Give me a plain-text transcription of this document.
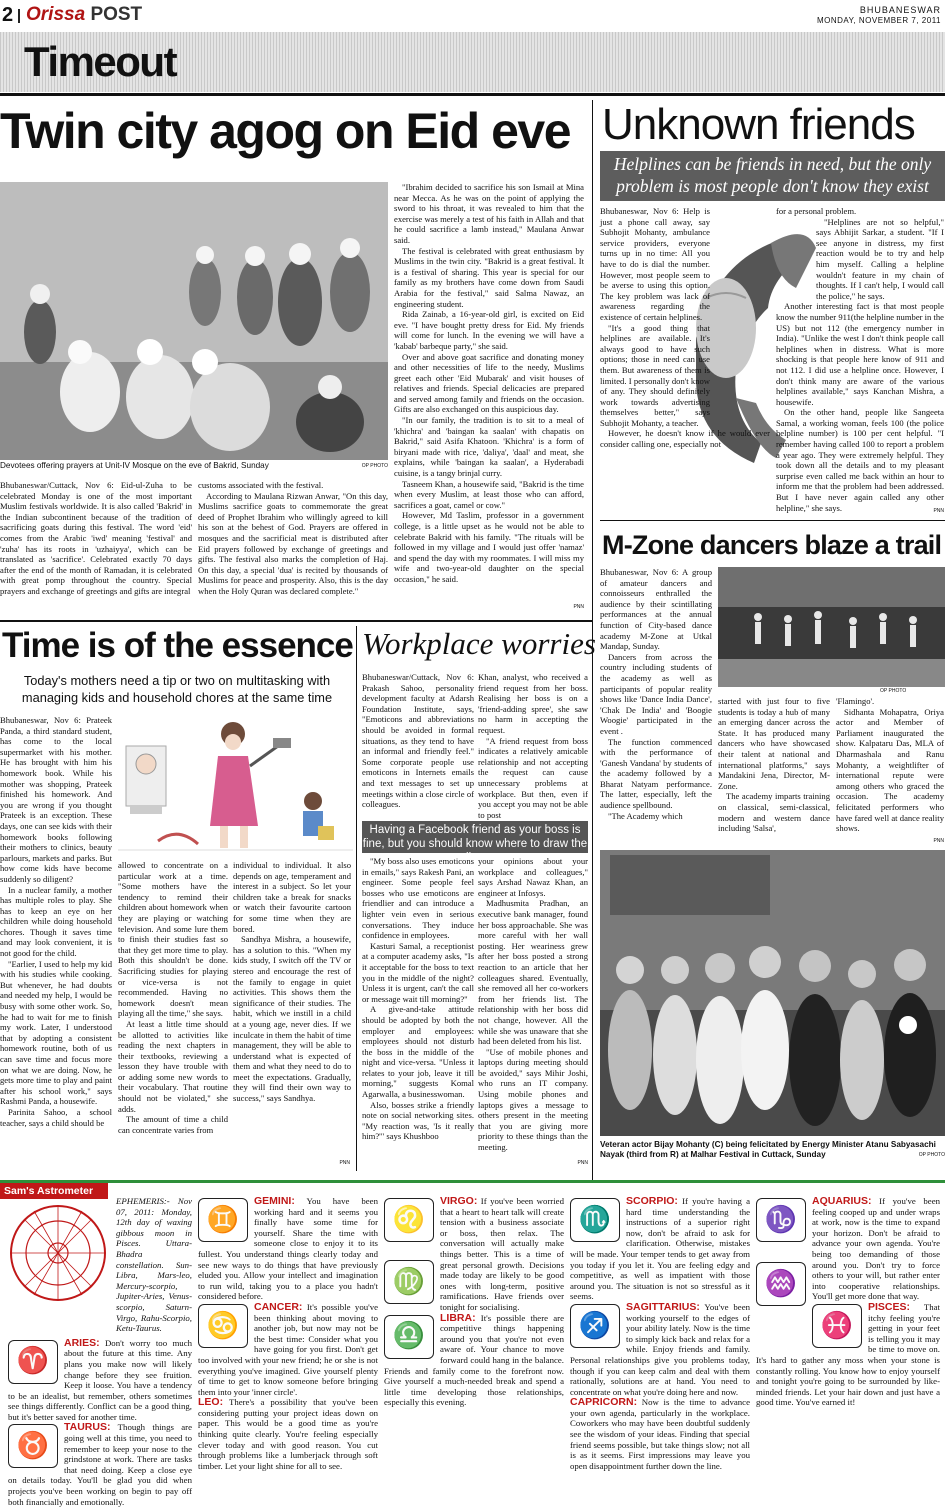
2 Orissa POST	BHUBANESWAR
MONDAY, NOVEMBER 7, 2011
Timeout
Twin city agog on Eid eve
Devotees offering prayers at Unit-IV Mosque on the eve of Bakrid, Sunday	OP PHOTO

Bhubaneswar/Cuttack, Nov 6: Eid-ul-Zuha to be celebrated Monday is one of the most important Muslim festivals worldwide. It is also called 'Bakrid' in the Indian subcontinent because of the tradition of sacrificing goats during this festival. The word 'eid' comes from the Arabic 'iwd' meaning 'festival' and 'zuha' has its roots in 'uzhaiyya', which can be translated as 'sacrifice'. Celebrated exactly 70 days after the end of the month of Ramadan, it is celebrated with great pomp throughout the country. Special prayers and exchange of greetings and gifts are integral

customs associated with the festival.

According to Maulana Rizwan Anwar, "On this day, Muslims sacrifice goats to commemorate the great deed of Prophet Ibrahim who willingly agreed to kill his son at the behest of God. Prayers are offered in mosques and the sacrificial meat is distributed after Eid prayers followed by exchange of greetings and gifts. The festival also marks the completion of Haj. On this day, a special 'dua' is recited by thousands of Muslims for peace and prosperity. Also, this is the day when the Holy Quran was declared complete."

"Ibrahim decided to sacrifice his son Ismail at Mina near Mecca. As he was on the point of applying the sword to his throat, it was revealed to him that the exercise was merely a test of his faith in Allah and that he could sacrifice a lamb instead," Maulana Anwar said.

The festival is celebrated with great enthusiasm by Muslims in the twin city. "Bakrid is a great festival. It is a festival of sharing. This year is special for our family as my brothers have come down from Saudi Arabia for the festival," said Salma Nawaz, an engineering student.

Rida Zainab, a 16-year-old girl, is excited on Eid eve. "I have bought pretty dress for Eid. My friends will come for lunch. In the evening we will have a 'kabab' barbeque party," she said.

Over and above goat sacrifice and donating money and other necessities of life to the needy, Muslims greet each other 'Eid Mubarak' and visit houses of relatives and friends. Special delicacies are prepared and served among family and friends on the occasion. Gifts are also exchanged on this auspicious day.

"In our family, the tradition is to sit to a meal of 'khichra' and 'baingan ka saalan' with chapatis on Bakrid," said Asifa Khatoon. 'Khichra' is a form of biryani made with rice, 'daliya', 'daal' and meat, she explains, while 'baingan ka saalan', a Hyderabadi cuisine, is a tangy brinjal curry.

Tasneem Khan, a housewife said, "Bakrid is the time when every Muslim, at least those who can afford, sacrifices a goat, camel or cow."

However, Md Taslim, professor in a government college, is a little upset as he would not be able to celebrate Bakrid with his family. "The rituals will be followed in my village and I would just offer 'namaz' and spend the day with my roommates. I will miss my wife and two-year-old daughter on the special occasion," he said.

PNN
Unknown friends
Helplines can be friends in need, but the only problem is most people don't know they exist

Bhubaneswar, Nov 6: Help is just a phone call away, say Subhojit Mohanty, ambulance service providers, everyone turns up in no time: All you have to do is dial the number. However, most people seem to be averse to using this option. The key problem was lack of awareness regarding the existence of certain helplines.

"It's a good thing that helplines are available. It's always good to have such options; those in need can use them. But awareness of them is limited. I personally don't know of any. They should definitely work towards advertising themselves better," says Subhojit Mohanty, a teacher.

However, he doesn't know if he would ever consider calling one, especially not

for a personal problem.

"Helplines are not so helpful," says Abhijit Sarkar, a student. "If I see anyone in distress, my first reaction would be to try and help him myself. Calling a helpline wouldn't feature in my chain of thoughts. If I can't help, I would call the police," he says.

Another interesting fact is that most people know the number 911(the helpline number in the US) but not 112 (the emergency number in India). "Unlike the west I don't think people call helplines when in distress. What is more shocking is that people here know of 911 and not 112. I did use a helpline once. However, I don't think many are aware of the various helplines available," says Kanchan Mishra, a housewife.

On the other hand, people like Sangeeta Samal, a working woman, feels 100 (the police helpline number) is 100 per cent helpful. "I remember having called 100 to report a problem a year ago. They were extremely helpful. They took down all the details and to my pleasant surprise even called me back within an hour to inform me that the problem had been addressed. But I have never again called any other helpline," she says.	PNN
M-Zone dancers blaze a trail

Bhubaneswar, Nov 6: A group of amateur dancers and connoisseurs enthralled the audience by their scintillating performances at the annual function of City-based dance academy M-Zone at Utkal Mandap, Sunday.

Dancers from across the country including students of the academy as well as participants of popular reality shows like 'Dance India Dance', 'Chak De India' and 'Boogie Woogie' participated in the event .

The function commenced with the performance of 'Ganesh Vandana' by students of the academy followed by a Bharat Natyam performance. The latter, especially, left the audience spellbound.

"The Academy which

OP PHOTO

started with just four to five students is today a hub of many an emerging dancer across the State. It has produced many dancers who have showcased their talent at national and international platforms," says Mandakini Jena, Director, M-Zone.

The academy imparts training on classical, semi-classical, modern and western dance including 'Salsa',

'Flamingo'.

Sidhanta Mohapatra, Oriya actor and Member of Parliament inaugurated the show. Kalpataru Das, MLA of Dharmashala and Ranu Mohanty, a weightlifter of international repute were among others who graced the occasion. The academy felicitated performers who have fared well at dance reality shows.

PNN
Veteran actor Bijay Mohanty (C) being felicitated by Energy Minister Atanu Sabyasachi Nayak (third from R) at Malhar Festival in Cuttack, Sunday	OP PHOTO
Time is of the essence
Today's mothers need a tip or two on multitasking with managing kids and household chores at the same time

Bhubaneswar, Nov 6: Prateek Panda, a third standard student, has come to the local supermarket with his mother. He has brought with him his homework book. While his mother was shopping, Prateek finished his homework. And you are wrong if you thought Prateek is an exception. These days, one can see kids with their homework books following their mothers to clinics, beauty parlours, markets and parks. But how come kids have become suddenly so diligent?

In a nuclear family, a mother has multiple roles to play. She has to keep an eye on her children while doing household chores. Though it saves time and may look convenient, it is not good for the child.

"Earlier, I used to help my kid with his studies while cooking. But whenever, he had doubts and needed my help, I would be busy with some other work. So, he had to wait for me to finish my work. Later, I understood that by adopting a consistent homework routine, both of us can save time and focus more on what we are doing. Now, he gets more time to play and paint after his school work," says Rashmi Panda, a housewife.

Parinita Sahoo, a school teacher, says a child should be

allowed to concentrate on a particular work at a time. "Some mothers have the tendency to remind their children about homework when they are playing or watching television. And some lure them to finish their studies fast so that they get more time to play. Both this shouldn't be done. Sacrificing studies for playing or vice-versa is not recommended. Having no homework doesn't mean playing all the time," she says.

At least a little time should be allotted to activities like reading the next chapters in their textbooks, reviewing a lesson they have trouble with or adding some new words to their vocabulary. That routine should not be violated," she adds.

The amount of time a child can concentrate varies from

individual to individual. It also depends on age, temperament and interest in a subject. So let your children take a break for snacks or watch their favourite cartoon for some time when they are bored.

Sandhya Mishra, a housewife, has a solution to this. "When my kids study, I switch off the TV or stereo and encourage the rest of the family to engage in quiet activities. This shows them the significance of their studies. The habit, which we instill in a child at a young age, never dies. If we inculcate in them the habit of time management, they will be able to understand what is expected of them and what they need to do to meet the expectations. Gradually, they will find their own way to success," says Sandhya.

PNN
Workplace worries

Bhubaneswar/Cuttack, Nov 6: Prakash Sahoo, personality development faculty at Adarsh Foundation Institute, says, "Emoticons and abbreviations should be avoided in formal situations, as they tend to have an informal and friendly feel." Some corporate people use emoticons in Internets emails and text messages to set up meetings within a close circle of colleagues.

Khan, analyst, who received a friend request from her boss. Realising her boss is on a 'friend-adding spree', she saw no harm in accepting the request.

"A friend request from boss indicates a relatively amicable relationship and not accepting the request can cause unnecessary problems at workplace. But then, even if you accept you may not be able to post

Having a Facebook friend as your boss is fine, but you should know where to draw the line

"My boss also uses emoticons in emails," says Rakesh Pani, an engineer. Some people feel bosses who use emoticons are friendlier and can introduce a lighter vein even in serious conversations. They induce confidence in employees.

Kasturi Samal, a receptionist at a computer academy asks, "Is it acceptable for the boss to text you in the middle of the night? Unless it is urgent, can't the call or message wait till morning?"

A give-and-take attitude should be adopted by both the employer and employees: employees should not disturb the boss in the middle of the night and vice-versa. "Unless it relates to your job, leave it till morning," suggests Komal Agarwalla, a businesswoman.

Also, bosses strike a friendly note on social networking sites. "My reaction was, 'Is it really him?'" says Khushboo

your opinions about your workplace and colleagues," says Arshad Nawaz Khan, an engineer at Infosys.

Madhusmita Pradhan, an executive bank manager, found her boss approachable. She was more careful with her wall posting. Her weariness grew after her boss posted a strong reaction to an article that her colleagues shared. Eventually, she removed all her co-workers from her friends list. The relationship with her boss did not change, however. All the while she was unaware that she had been deleted from his list.

"Use of mobile phones and laptops during meeting should be avoided," says Mihir Joshi, who runs an IT company. Using mobile phones and laptops gives a message to others present in the meeting that you are giving more priority to these things than the meeting.

PNN
Sam's Astrometer

EPHEMERIS:- Nov 07, 2011: Monday, 12th day of waxing gibbous moon in Pisces. Uttara-Bhadra constellation. Sun-Libra, Mars-leo, Mercury-scorpio, Jupiter-Aries, Venus-scorpio, Saturn-Virgo, Rahu-Scorpio, Ketu-Taurus.

♈

ARIES: Don't worry too much about the future at this time. Any plans you make now will likely change before they see fruition. Keep it loose. You have a tendency to be an idealist, but remember, others sometimes see things differently. Conflict can be a good thing, but it's better saved for another time.

♉

TAURUS: Though things are going well at this time, you need to remember to keep your nose to the grindstone at work. There are tasks that need doing. Keep a close eye on details today. You'll be glad you did when projects you've been working on begin to pay off both financially and emotionally.

♊

GEMINI: You have been working hard and it seems you finally have some time for yourself. Share the time with someone close to enjoy it to its fullest. You understand things clearly today and see new ways to do things that have previously eluded you. Allow your intellect and imagination to run wild, taking you to a place you hadn't considered before.

♋

CANCER: It's possible you've been thinking about moving to another job, but now may not be the best time: Consider what you have going for you first. Don't get too involved with your new friend; he or she is not everything you've imagined. Give yourself plenty of time to get to know someone before bringing them into your 'inner circle'.

LEO: There's a possibility that you've been considering putting your project ideas down on paper. This would be a good time as you're thinking quite clearly. You're feeling especially clever today and with good reason. You cut through problems like a lumberjack through soft timber. Let your light shine for all to see.

♌
♍

VIRGO: If you've been worried that a heart to heart talk will create tension with a business associate or boss, then relax. The conversation will actually make things better. This is a time of great personal growth. Decisions made today are likely to be good ones with long-term, positive ramifications. Have friends over tonight for socialising.

♎

LIBRA: It's possible there are competitive things happening around you that you're not even aware of. Your chance to move forward could hang in the balance. Friends and family come to the forefront now. Give yourself a much-needed break and spend a little time developing those relationships, especially this evening.

♏

SCORPIO: If you're having a hard time understanding the instructions of a superior right now, don't be afraid to ask for clarification. Otherwise, mistakes will be made. Your temper tends to get away from you today if you let it. You are feeling edgy and competitive, as well as impatient with those around you. The situation is not so stressful as it seems.

♐

SAGITTARIUS: You've been working yourself to the edges of your ability lately. Now is the time to simply kick back and relax for a while. Enjoy friends and family. Personal relationships give you problems today, though if you can keep calm and deal with them rationally, solutions are at hand. You need to concentrate on what you're doing here and now.

CAPRICORN: Now is the time to advance your own agenda, particularly in the workplace. Coworkers who may have been doubtful suddenly see the wisdom of your ideas. Finding that special friend seems possible, but take things slow; not all is as it seems. First impressions may leave you open disappointment further down the line.

♑
♒

AQUARIUS: If you've been feeling cooped up and under wraps at work, now is the time to expand your horizon. Don't be afraid to advance your own agenda. You're being too demanding of those around you. Don't try to force others to your will, but rather enter into cooperative relationships. You'll get more done that way.

♓

PISCES: That itchy feeling you're getting in your feet is telling you it may be time to move on. It's hard to gather any moss when your stone is constantly rolling. You know how to enjoy yourself and tonight you're going to be surrounded by like-minded friends. Let your hair down and just have a good time. You've earned it!
